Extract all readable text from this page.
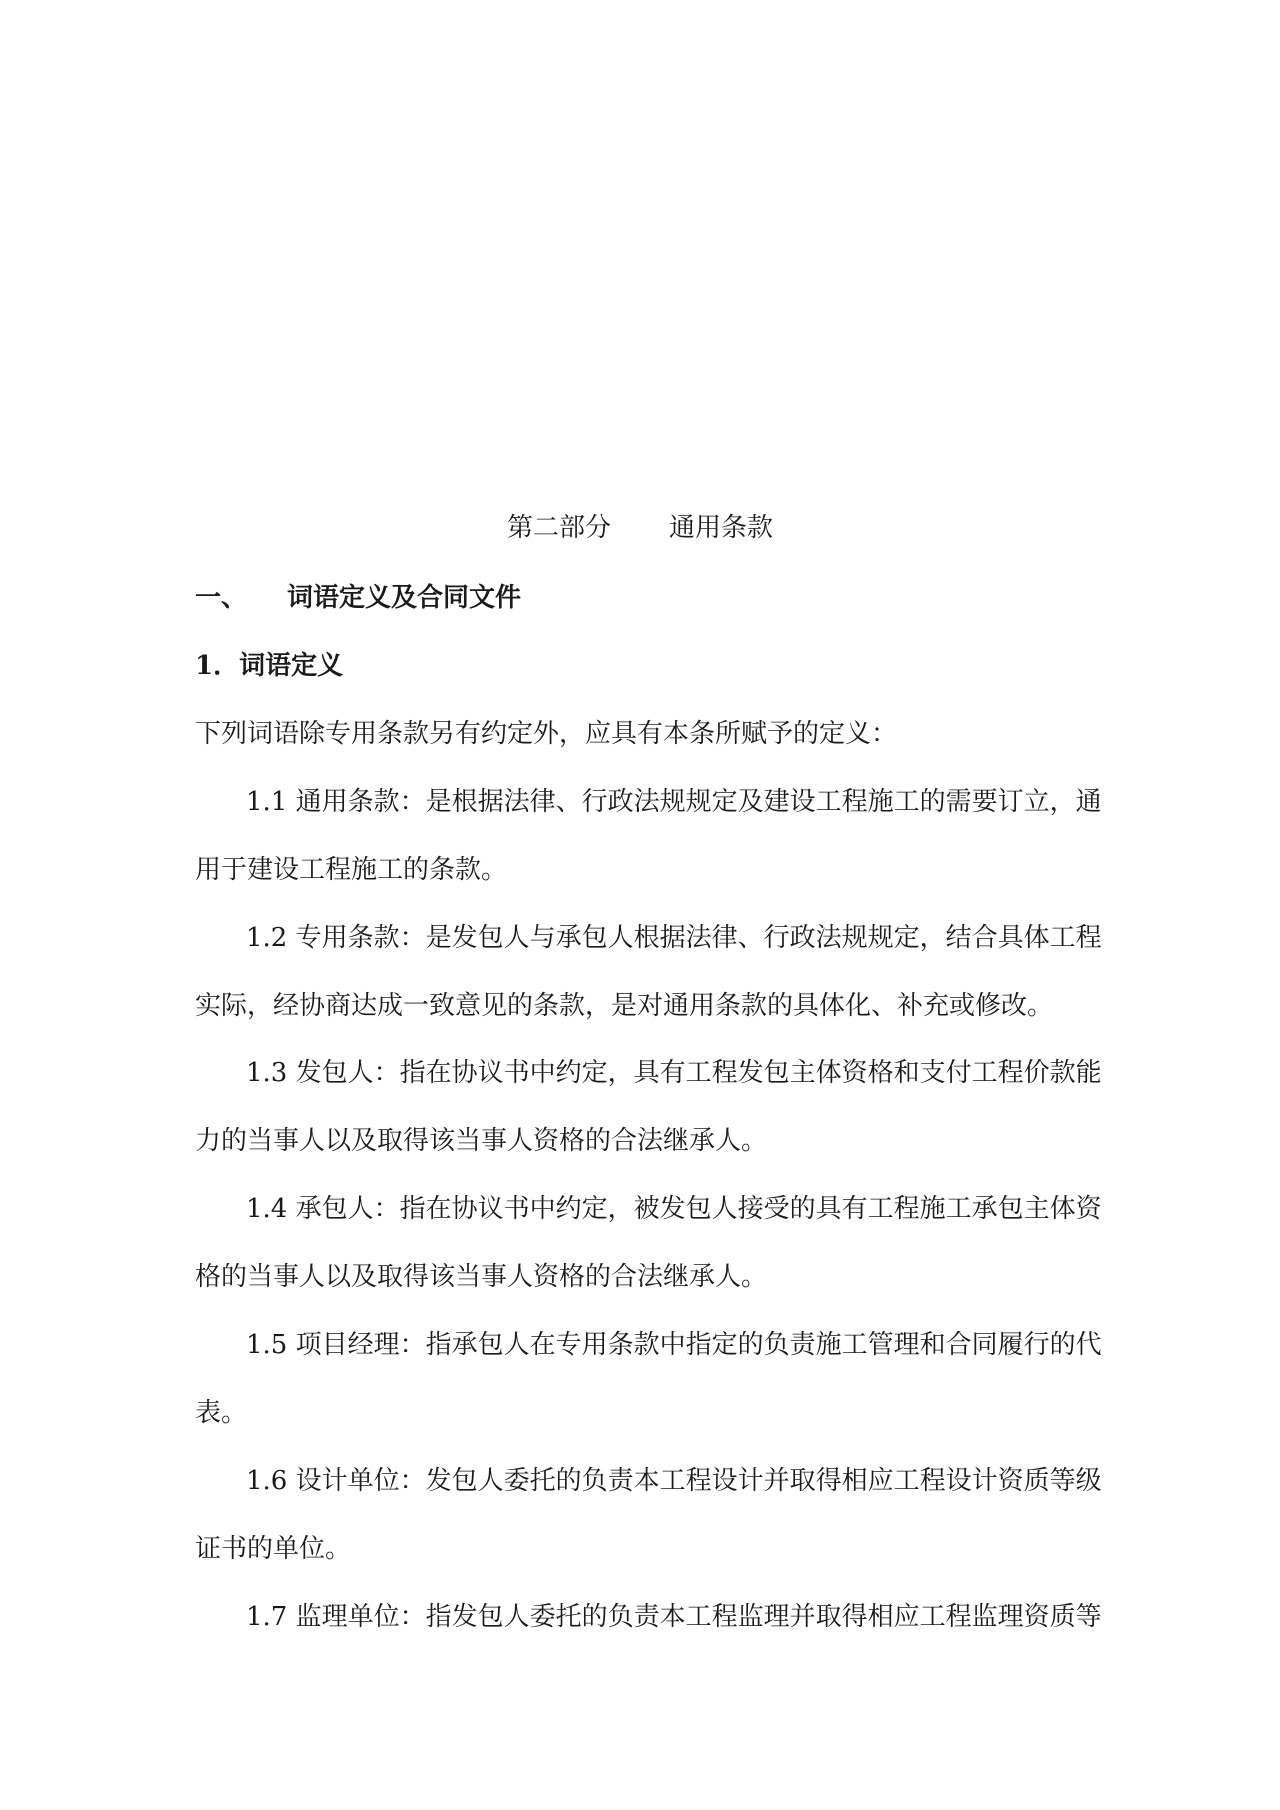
第二部分 通用条款
一、 词语定义及合同文件
1．词语定义
下列词语除专用条款另有约定外，应具有本条所赋予的定义：
1.1 通用条款：是根据法律、行政法规规定及建设工程施工的需要订立，通
用于建设工程施工的条款。
1.2 专用条款：是发包人与承包人根据法律、行政法规规定，结合具体工程
实际，经协商达成一致意见的条款，是对通用条款的具体化、补充或修改。
1.3 发包人：指在协议书中约定，具有工程发包主体资格和支付工程价款能
力的当事人以及取得该当事人资格的合法继承人。
1.4 承包人：指在协议书中约定，被发包人接受的具有工程施工承包主体资
格的当事人以及取得该当事人资格的合法继承人。
1.5 项目经理：指承包人在专用条款中指定的负责施工管理和合同履行的代
表。
1.6 设计单位：发包人委托的负责本工程设计并取得相应工程设计资质等级
证书的单位。
1.7 监理单位：指发包人委托的负责本工程监理并取得相应工程监理资质等
